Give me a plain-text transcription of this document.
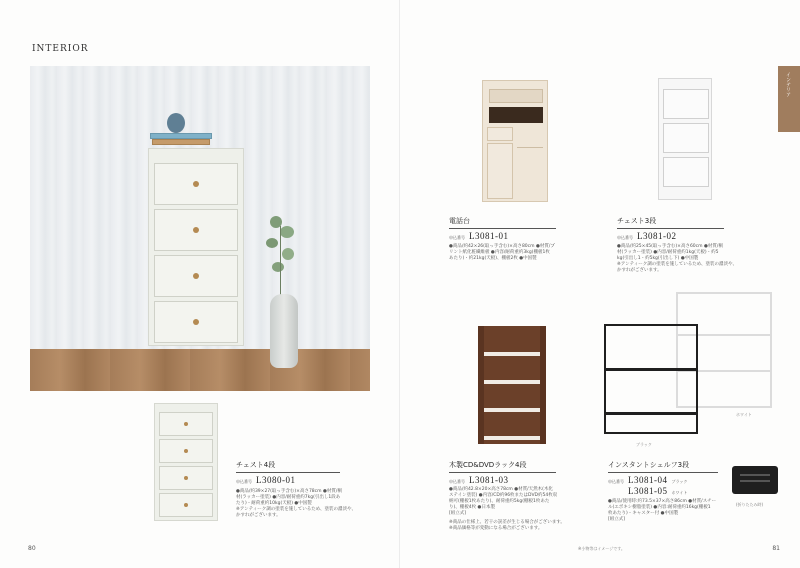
INTERIOR
チェスト4段
申込番号 L3080-01
●商品/約39×27(取っ手含む)×高さ78cm ●材質/桐
材(ラッカー塗装) ●内容/耐荷重約7kg(引出し1段あ
たり)・耐荷重約10kg(天板) ●中国製
※アンティーク調の塗装を施しているため、塗装の濃淡や、
かすれがございます。
80
インテリア
電話台
申込番号 L3081-01
●商品/約42×26(取っ手含む)×高さ80cm ●材質/プ
リント紙化粧繊維板 ●内容/耐荷重約3kg(棚板1枚
あたり)・約21kg(天板)、棚板2枚 ●中国製
チェスト3段
申込番号 L3081-02
●商品/約25×45(取っ手含む)×高さ60cm ●材質/桐
材(ラッカー塗装) ●内容/耐荷重約1kg(天板)・約5
kg(引出し1・約5kg(引出し下) ●中国製
※アンティーク調の塗装を施しているため、塗装の濃淡や、
かすれがございます。
木製CD&DVDラック4段
申込番号 L3081-03
●商品/約42.8×20×高さ78cm ●材質/天然木(木化
ステイン塗装) ●内容/CD約96枚またはDVD約54枚収
納可(棚板1枚あたり)、耐荷重約5kg(棚板1枚あた
り)、棚板4枚 ●日本製
[組立式]
※商品の仕様上、若干の誤差が生じる場合がございます。
※商品価格等が変動になる場合がございます。
ホワイト
ブラック
インスタントシェルフ3段
申込番号 L3081-04 ブラック
L3081-05 ホワイト
●商品/使用時:約73.5×37×高さ86cm ●材質/スチー
ル(エポキシ樹脂塗装) ●内容:耐荷重約16kg(棚板1
枚あたり)・キャスター付 ●中国製
[組立式]
(折りたたみ時)
※小物等はイメージです。	81
